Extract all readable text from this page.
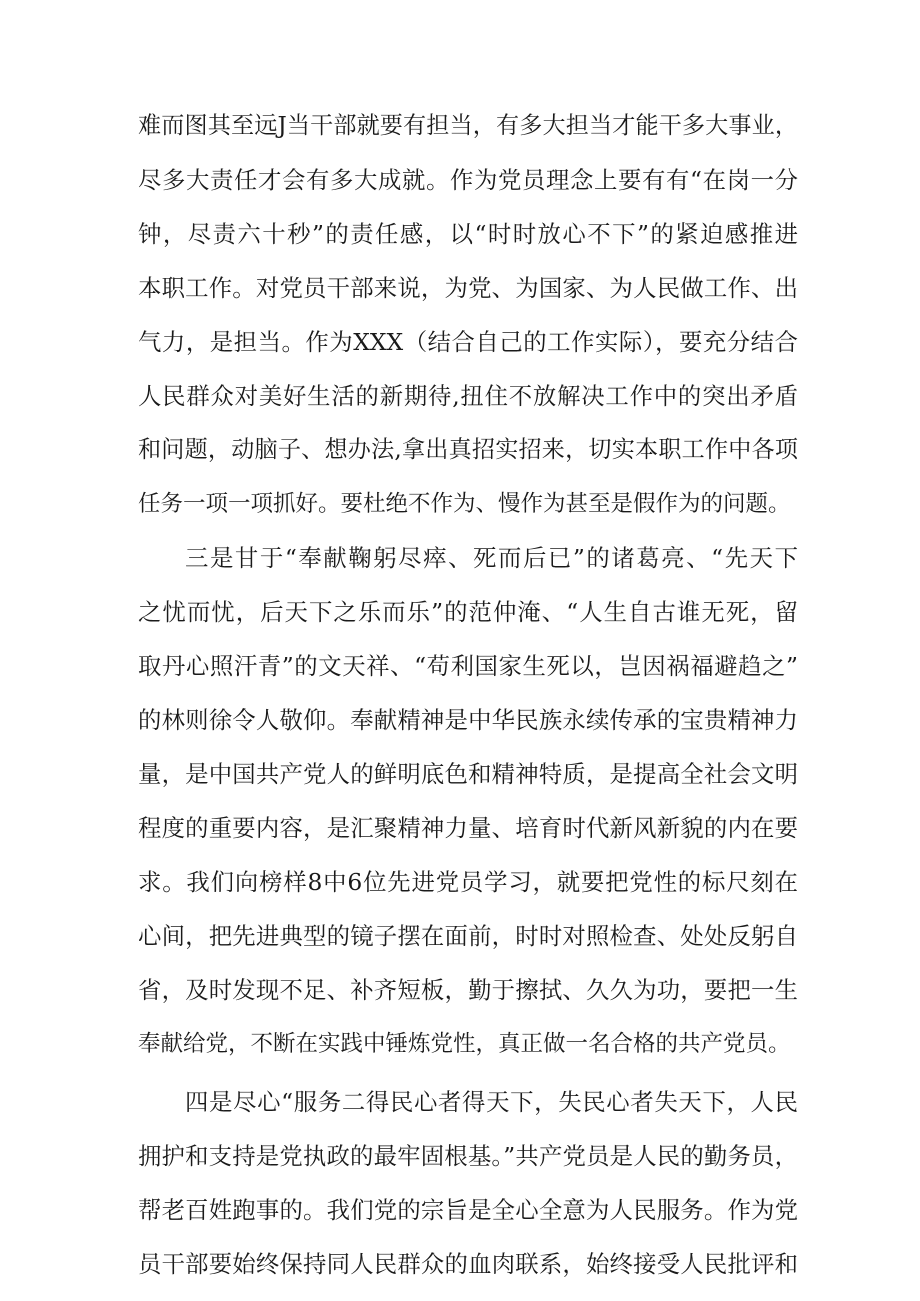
难而图其至远J当干部就要有担当，有多大担当才能干多大事业，
尽多大责任才会有多大成就。作为党员理念上要有有“在岗一分
钟，尽责六十秒”的责任感，以“时时放心不下”的紧迫感推进
本职工作。对党员干部来说，为党、为国家、为人民做工作、出
气力，是担当。作为XXX（结合自己的工作实际），要充分结合
人民群众对美好生活的新期待,扭住不放解决工作中的突出矛盾
和问题，动脑子、想办法,拿出真招实招来，切实本职工作中各项
任务一项一项抓好。要杜绝不作为、慢作为甚至是假作为的问题。
三是甘于“奉献鞠躬尽瘁、死而后已”的诸葛亮、“先天下
之忧而忧，后天下之乐而乐”的范仲淹、“人生自古谁无死，留
取丹心照汗青”的文天祥、“苟利国家生死以，岂因祸福避趋之”
的林则徐令人敬仰。奉献精神是中华民族永续传承的宝贵精神力
量，是中国共产党人的鲜明底色和精神特质，是提高全社会文明
程度的重要内容，是汇聚精神力量、培育时代新风新貌的内在要
求。我们向榜样8中6位先进党员学习，就要把党性的标尺刻在
心间，把先进典型的镜子摆在面前，时时对照检查、处处反躬自
省，及时发现不足、补齐短板，勤于擦拭、久久为功，要把一生
奉献给党，不断在实践中锤炼党性，真正做一名合格的共产党员。
四是尽心“服务二得民心者得天下，失民心者失天下，人民
拥护和支持是党执政的最牢固根基。”共产党员是人民的勤务员，
帮老百姓跑事的。我们党的宗旨是全心全意为人民服务。作为党
员干部要始终保持同人民群众的血肉联系，始终接受人民批评和
